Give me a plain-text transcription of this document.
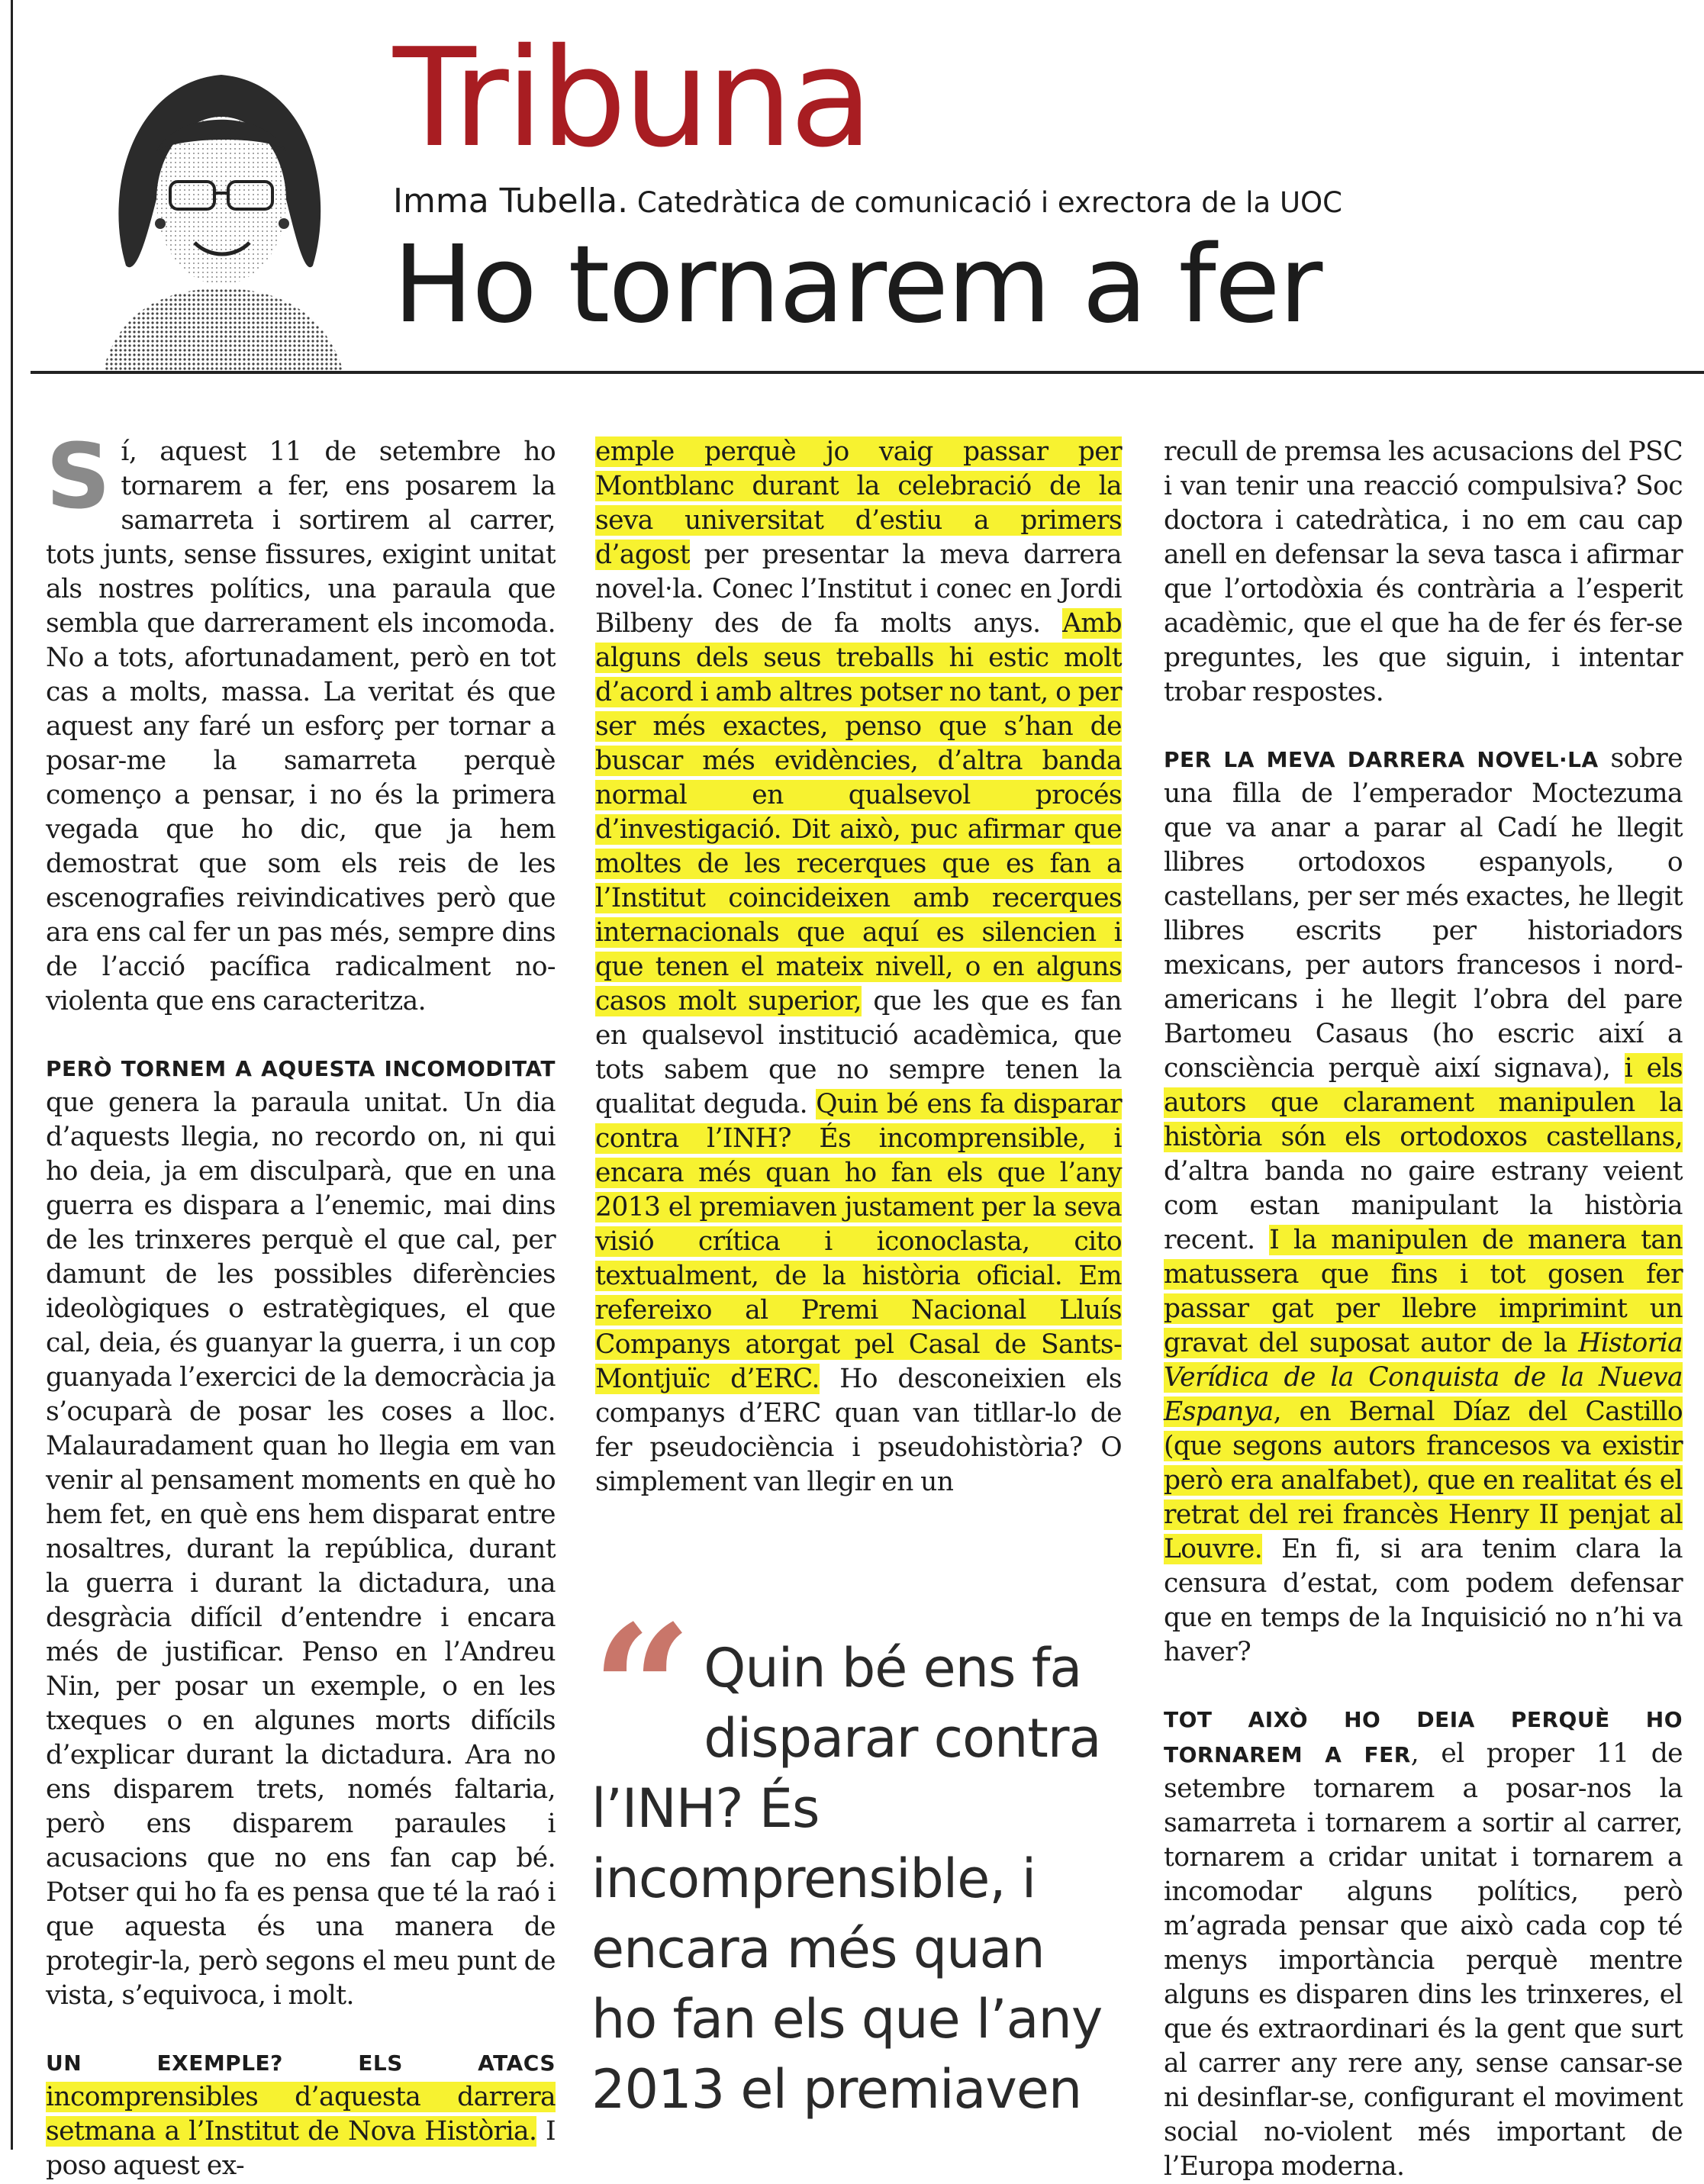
Tribuna
Imma Tubella. Catedràtica de comunicació i exrectora de la UOC
Ho tornarem a fer

Sí, aquest 11 de setembre ho tornarem a fer, ens posarem la samarreta i sortirem al carrer, tots junts, sense fissures, exigint unitat als nostres polítics, una paraula que sembla que darrerament els incomoda. No a tots, afortunadament, però en tot cas a molts, massa. La veritat és que aquest any faré un esforç per tornar a posar-me la samarreta perquè començo a pensar, i no és la primera vegada que ho dic, que ja hem demostrat que som els reis de les escenografies reivindicatives però que ara ens cal fer un pas més, sempre dins de l’acció pacífica radicalment no-violenta que ens caracteritza.

PERÒ TORNEM A AQUESTA INCOMODITAT que genera la paraula unitat. Un dia d’aquests llegia, no recordo on, ni qui ho deia, ja em disculparà, que en una guerra es dispara a l’enemic, mai dins de les trinxeres perquè el que cal, per damunt de les possibles diferències ideològiques o estratègiques, el que cal, deia, és guanyar la guerra, i un cop guanyada l’exercici de la democràcia ja s’ocuparà de posar les coses a lloc. Malauradament quan ho llegia em van venir al pensament moments en què ho hem fet, en què ens hem disparat entre nosaltres, durant la república, durant la guerra i durant la dictadura, una desgràcia difícil d’entendre i encara més de justificar. Penso en l’Andreu Nin, per posar un exemple, o en les txeques o en algunes morts difícils d’explicar durant la dictadura. Ara no ens disparem trets, només faltaria, però ens disparem paraules i acusacions que no ens fan cap bé. Potser qui ho fa es pensa que té la raó i que aquesta és una manera de protegir-la, però segons el meu punt de vista, s’equivoca, i molt.

UN EXEMPLE? ELS ATACS incomprensibles d’aquesta darrera setmana a l’Institut de Nova Història. I poso aquest ex-

emple perquè jo vaig passar per Montblanc durant la celebració de la seva universitat d’estiu a primers d’agost per presentar la meva darrera novel·la. Conec l’Institut i conec en Jordi Bilbeny des de fa molts anys. Amb alguns dels seus treballs hi estic molt d’acord i amb altres potser no tant, o per ser més exactes, penso que s’han de buscar més evidències, d’altra banda normal en qualsevol procés d’investigació. Dit això, puc afirmar que moltes de les recerques que es fan a l’Institut coincideixen amb recerques internacionals que aquí es silencien i que tenen el mateix nivell, o en alguns casos molt superior, que les que es fan en qualsevol institució acadèmica, que tots sabem que no sempre tenen la qualitat deguda. Quin bé ens fa disparar contra l’INH? És incomprensible, i encara més quan ho fan els que l’any 2013 el premiaven justament per la seva visió crítica i iconoclasta, cito textualment, de la història oficial. Em refereixo al Premi Nacional Lluís Companys atorgat pel Casal de Sants-Montjuïc d’ERC. Ho desconeixien els companys d’ERC quan van titllar-lo de fer pseudociència i pseudohistòria? O simplement van llegir en un

“ Quin bé ens fa disparar contra l’INH? És incomprensible, i encara més quan ho fan els que l’any 2013 el premiaven

recull de premsa les acusacions del PSC i van tenir una reacció compulsiva? Soc doctora i catedràtica, i no em cau cap anell en defensar la seva tasca i afirmar que l’ortodòxia és contrària a l’esperit acadèmic, que el que ha de fer és fer-se preguntes, les que siguin, i intentar trobar respostes.

PER LA MEVA DARRERA NOVEL·LA sobre una filla de l’emperador Moctezuma que va anar a parar al Cadí he llegit llibres ortodoxos espanyols, o castellans, per ser més exactes, he llegit llibres escrits per historiadors mexicans, per autors francesos i nord-americans i he llegit l’obra del pare Bartomeu Casaus (ho escric així a consciència perquè així signava), i els autors que clarament manipulen la història són els ortodoxos castellans, d’altra banda no gaire estrany veient com estan manipulant la història recent. I la manipulen de manera tan matussera que fins i tot gosen fer passar gat per llebre imprimint un gravat del suposat autor de la Historia Verídica de la Conquista de la Nueva Espanya, en Bernal Díaz del Castillo (que segons autors francesos va existir però era analfabet), que en realitat és el retrat del rei francès Henry II penjat al Louvre. En fi, si ara tenim clara la censura d’estat, com podem defensar que en temps de la Inquisició no n’hi va haver?

TOT AIXÒ HO DEIA PERQUÈ HO TORNAREM A FER, el proper 11 de setembre tornarem a posar-nos la samarreta i tornarem a sortir al carrer, tornarem a cridar unitat i tornarem a incomodar alguns polítics, però m’agrada pensar que això cada cop té menys importància perquè mentre alguns es disparen dins les trinxeres, el que és extraordinari és la gent que surt al carrer any rere any, sense cansar-se ni desinflar-se, configurant el moviment social no-violent més important de l’Europa moderna.
